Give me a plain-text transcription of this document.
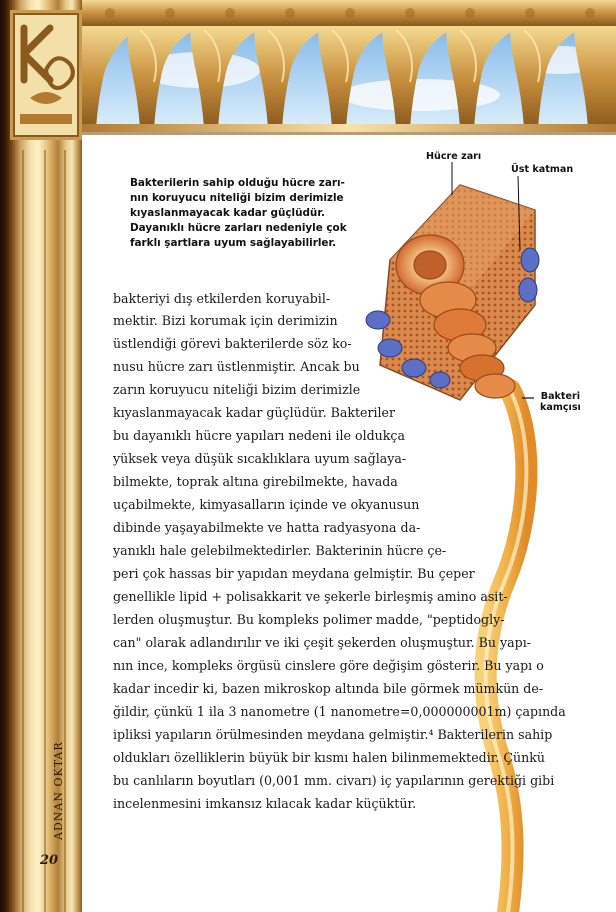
ADNAN OKTAR
20
Bakterilerin sahip olduğu hücre zarı-
nın koruyucu niteliği bizim derimizle
kıyaslanmayacak kadar güçlüdür.
Dayanıklı hücre zarları nedeniyle çok
farklı şartlara uyum sağlayabilirler.
Hücre zarı
Üst katman
Bakteri
kamçısı
bakteriyi dış etkilerden koruyabil-
mektir. Bizi korumak için derimizin
üstlendiği görevi bakterilerde söz ko-
nusu hücre zarı üstlenmiştir. Ancak bu
zarın koruyucu niteliği bizim derimizle
kıyaslanmayacak kadar güçlüdür. Bakteriler
bu dayanıklı hücre yapıları nedeni ile oldukça
yüksek veya düşük sıcaklıklara uyum sağlaya-
bilmekte, toprak altına girebilmekte, havada
uçabilmekte, kimyasalların içinde ve okyanusun
dibinde yaşayabilmekte ve hatta radyasyona da-
yanıklı hale gelebilmektedirler. Bakterinin hücre çe-
peri çok hassas bir yapıdan meydana gelmiştir. Bu çeper
genellikle lipid + polisakkarit ve şekerle birleşmiş amino asit-
lerden oluşmuştur. Bu kompleks polimer madde, "peptidogly-
can" olarak adlandırılır ve iki çeşit şekerden oluşmuştur. Bu yapı-
nın ince, kompleks örgüsü cinslere göre değişim gösterir. Bu yapı o
kadar incedir ki, bazen mikroskop altında bile görmek mümkün de-
ğildir, çünkü 1 ila 3 nanometre (1 nanometre=0,000000001m) çapında
ipliksi yapıların örülmesinden meydana gelmiştir.⁴ Bakterilerin sahip
oldukları özelliklerin büyük bir kısmı halen bilinmemektedir. Çünkü
bu canlıların boyutları (0,001 mm. civarı) iç yapılarının gerektiği gibi
incelenmesini imkansız kılacak kadar küçüktür.
